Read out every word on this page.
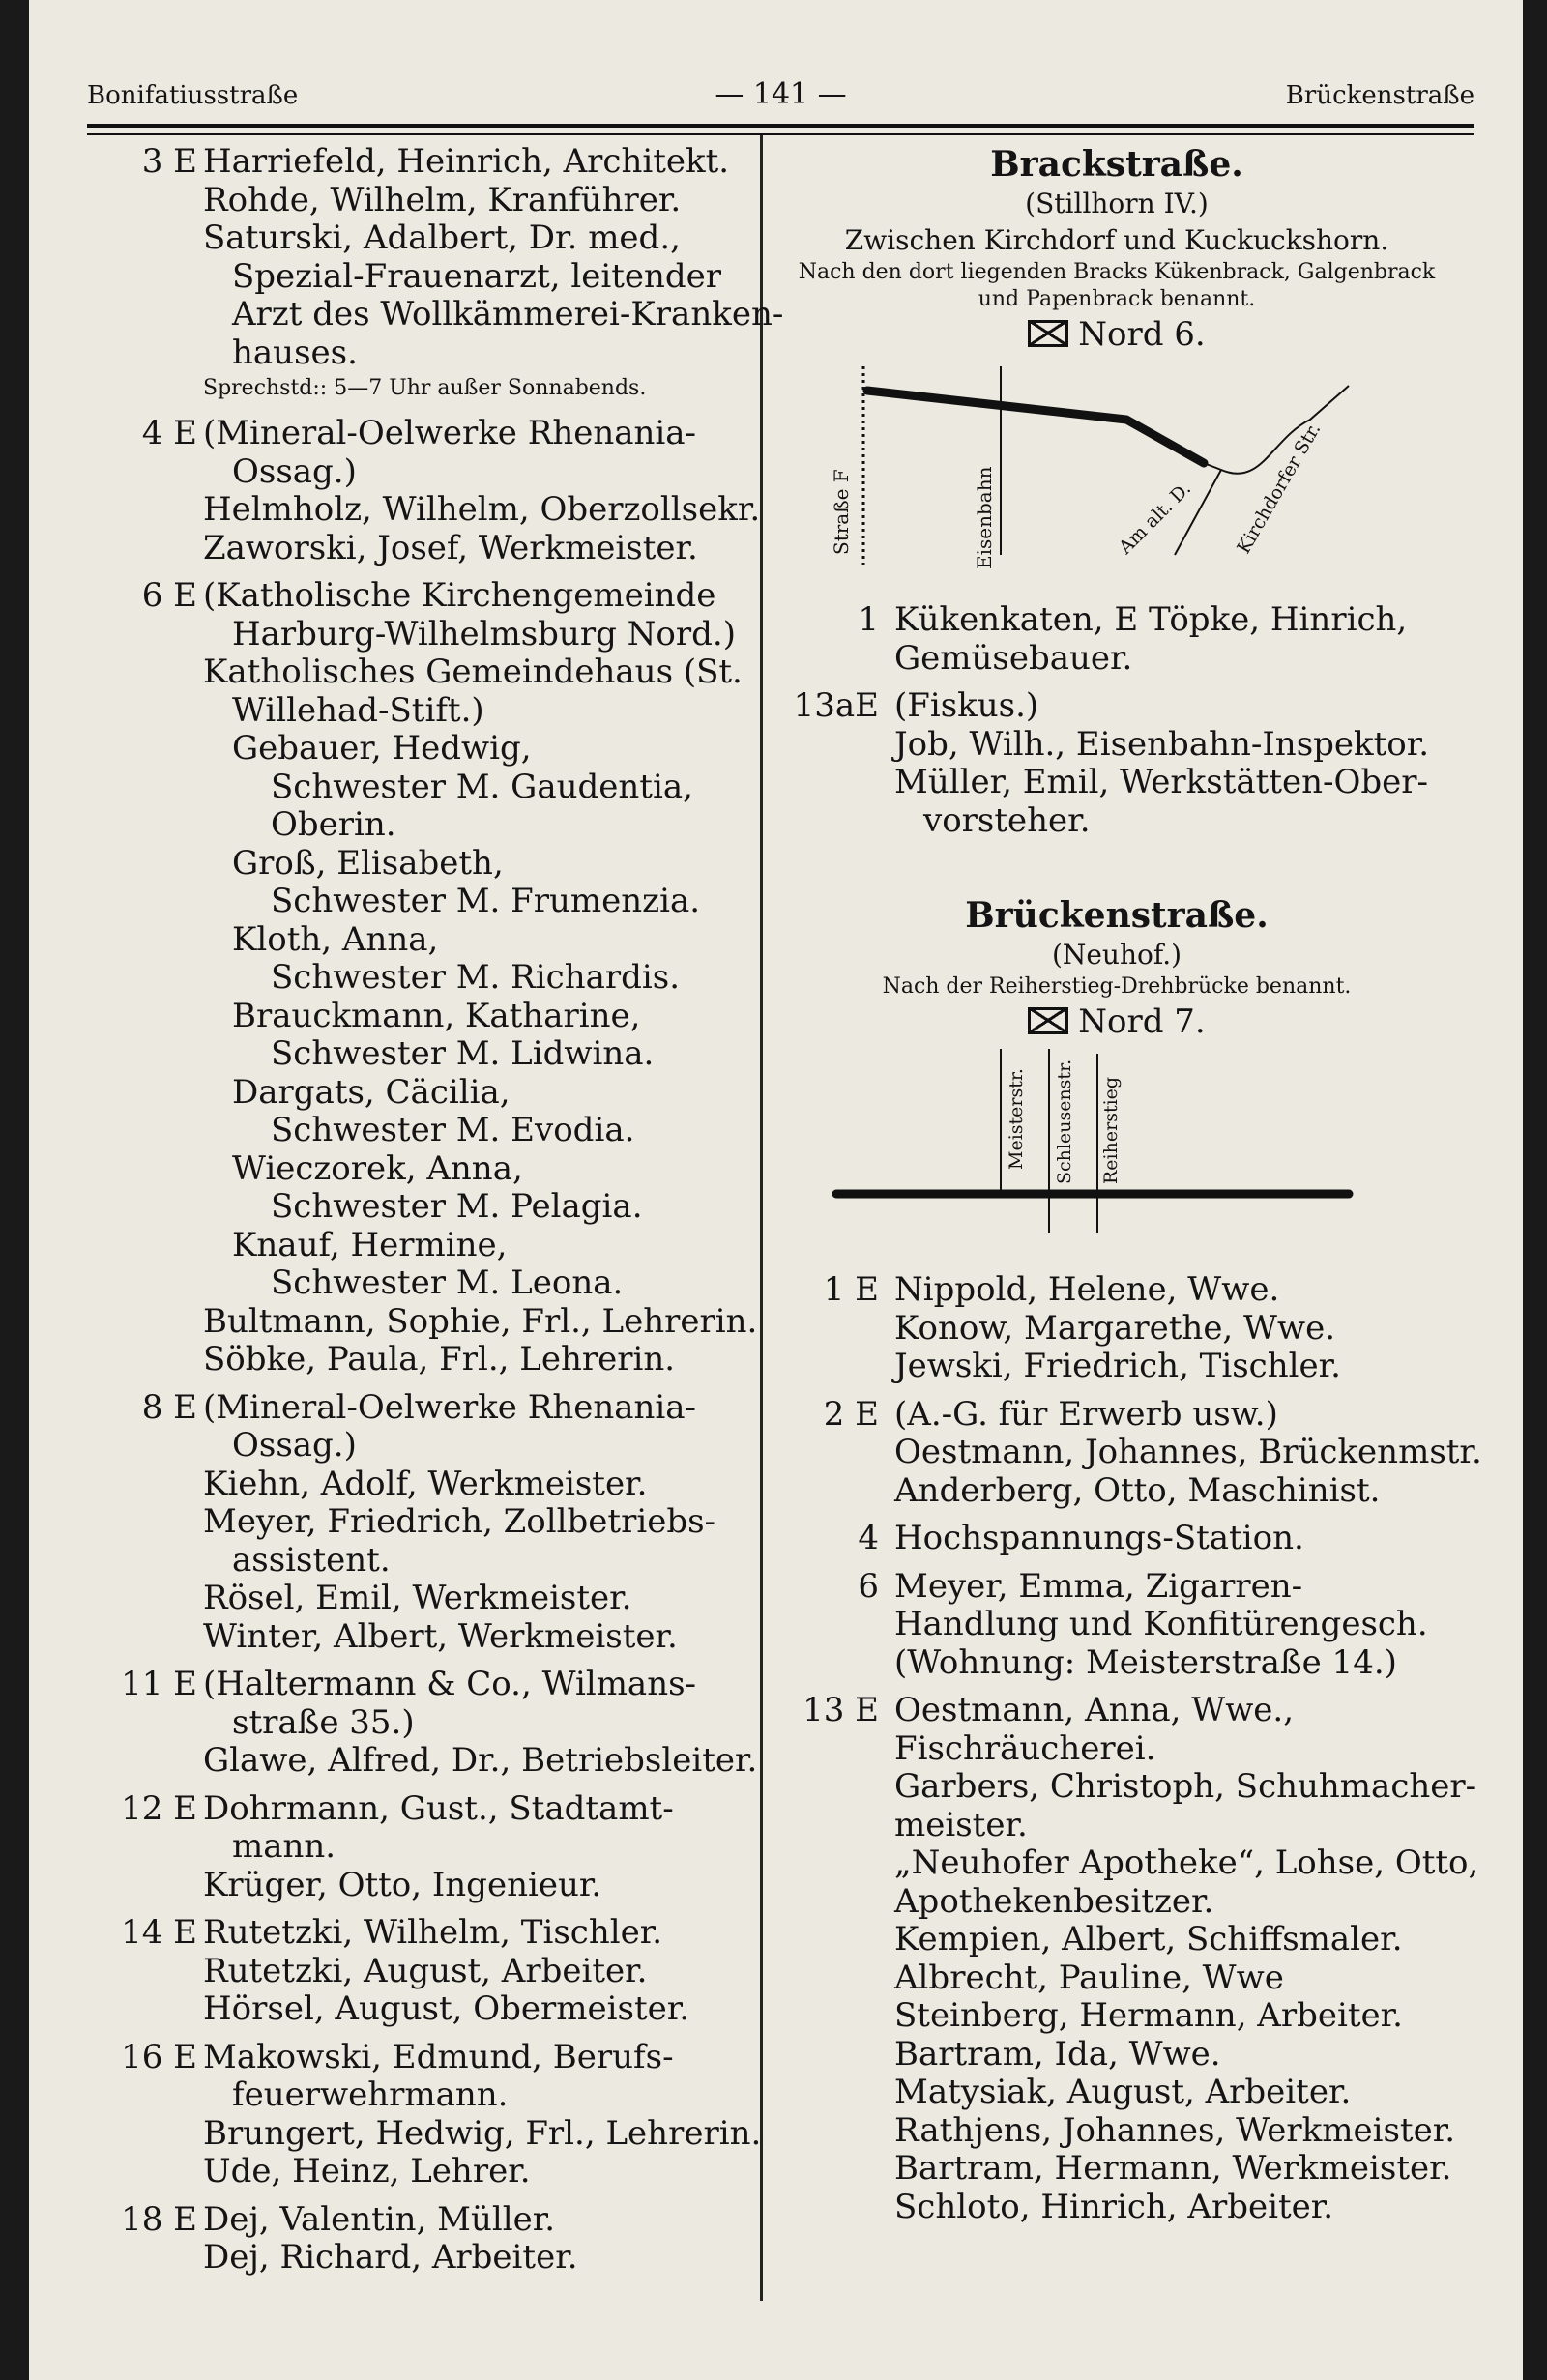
Bonifatiusstraße	— 141 —	Brückenstraße
3 E Harriefeld, Heinrich, Architekt.
Rohde, Wilhelm, Kranführer.
Saturski, Adalbert, Dr. med.,
Spezial-Frauenarzt, leitender
Arzt des Wollkämmerei-Kranken-
hauses.
Sprechstd:: 5—7 Uhr außer Sonnabends.
4 E (Mineral-Oelwerke Rhenania-
Ossag.)
Helmholz, Wilhelm, Oberzollsekr.
Zaworski, Josef, Werkmeister.
6 E (Katholische Kirchengemeinde
Harburg-Wilhelmsburg Nord.)
Katholisches Gemeindehaus (St.
Willehad-Stift.)
Gebauer, Hedwig,
Schwester M. Gaudentia,
Oberin.
Groß, Elisabeth,
Schwester M. Frumenzia.
Kloth, Anna,
Schwester M. Richardis.
Brauckmann, Katharine,
Schwester M. Lidwina.
Dargats, Cäcilia,
Schwester M. Evodia.
Wieczorek, Anna,
Schwester M. Pelagia.
Knauf, Hermine,
Schwester M. Leona.
Bultmann, Sophie, Frl., Lehrerin.
Söbke, Paula, Frl., Lehrerin.
8 E (Mineral-Oelwerke Rhenania-
Ossag.)
Kiehn, Adolf, Werkmeister.
Meyer, Friedrich, Zollbetriebs-
assistent.
Rösel, Emil, Werkmeister.
Winter, Albert, Werkmeister.
11 E (Haltermann & Co., Wilmans-
straße 35.)
Glawe, Alfred, Dr., Betriebsleiter.
12 E Dohrmann, Gust., Stadtamt-
mann.
Krüger, Otto, Ingenieur.
14 E Rutetzki, Wilhelm, Tischler.
Rutetzki, August, Arbeiter.
Hörsel, August, Obermeister.
16 E Makowski, Edmund, Berufs-
feuerwehrmann.
Brungert, Hedwig, Frl., Lehrerin.
Ude, Heinz, Lehrer.
18 E Dej, Valentin, Müller.
Dej, Richard, Arbeiter.
Brackstraße.
(Stillhorn IV.)
Zwischen Kirchdorf und Kuckuckshorn.
Nach den dort liegenden Bracks Kükenbrack, Galgenbrack
und Papenbrack benannt.
Nord 6.
Straße F	Eisenbahn	Am alt. D. Kirchdorfer Str.
1 Kükenkaten, E Töpke, Hinrich,
Gemüsebauer.
13aE (Fiskus.)
Job, Wilh., Eisenbahn-Inspektor.
Müller, Emil, Werkstätten-Ober-
vorsteher.
Brückenstraße.
(Neuhof.)
Nach der Reiherstieg-Drehbrücke benannt.
Nord 7.
Meisterstr. Schleusenstr. Reiherstieg
1 E Nippold, Helene, Wwe.
Konow, Margarethe, Wwe.
Jewski, Friedrich, Tischler.
2 E (A.-G. für Erwerb usw.)
Oestmann, Johannes, Brückenmstr.
Anderberg, Otto, Maschinist.
4 Hochspannungs-Station.
6 Meyer, Emma, Zigarren-
Handlung und Konfitürengesch.
(Wohnung: Meisterstraße 14.)
13 E Oestmann, Anna, Wwe.,
Fischräucherei.
Garbers, Christoph, Schuhmacher-
meister.
„Neuhofer Apotheke“, Lohse, Otto,
Apothekenbesitzer.
Kempien, Albert, Schiffsmaler.
Albrecht, Pauline, Wwe
Steinberg, Hermann, Arbeiter.
Bartram, Ida, Wwe.
Matysiak, August, Arbeiter.
Rathjens, Johannes, Werkmeister.
Bartram, Hermann, Werkmeister.
Schloto, Hinrich, Arbeiter.
